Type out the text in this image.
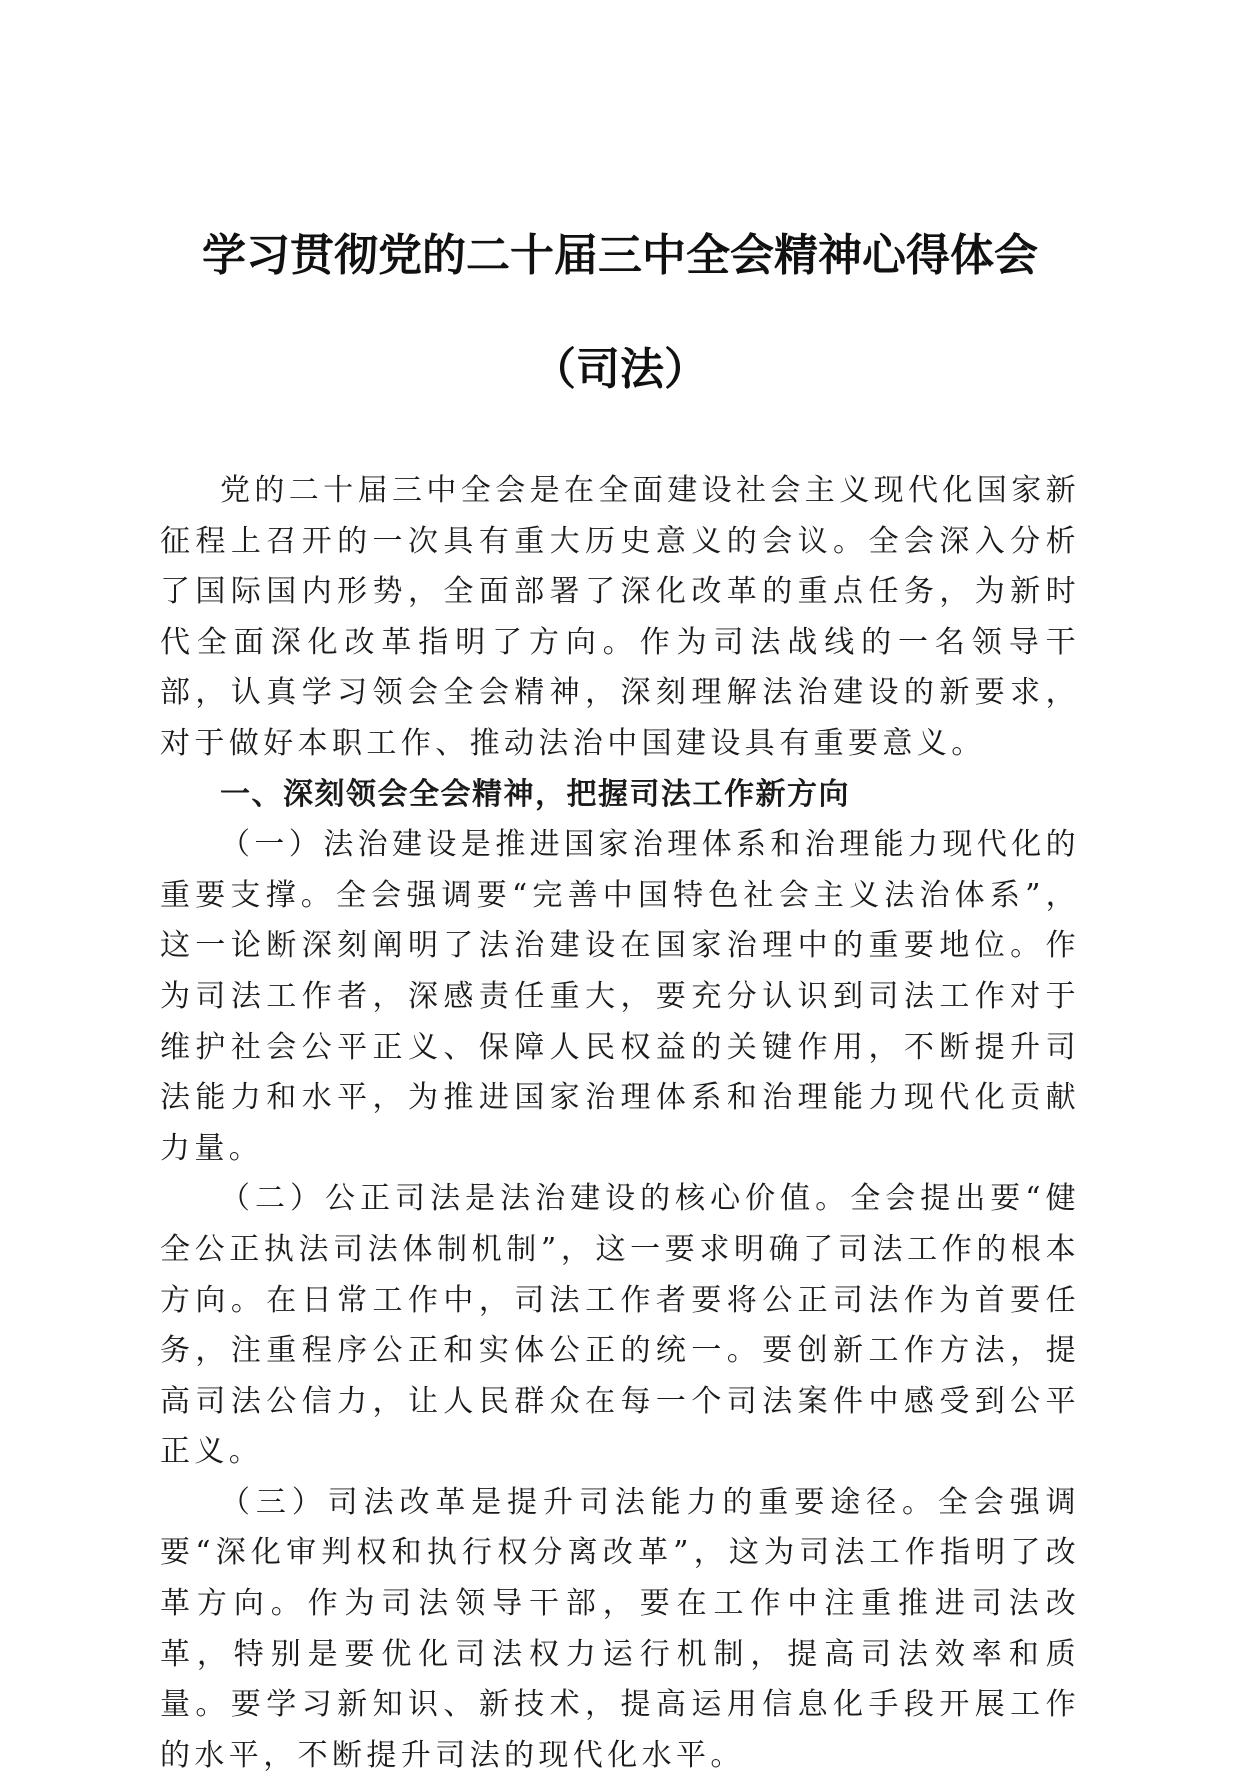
学习贯彻党的二十届三中全会精神心得体会
（司法）

党的二十届三中全会是在全面建设社会主义现代化国家新征程上召开的一次具有重大历史意义的会议。全会深入分析了国际国内形势，全面部署了深化改革的重点任务，为新时代全面深化改革指明了方向。作为司法战线的一名领导干部，认真学习领会全会精神，深刻理解法治建设的新要求，对于做好本职工作、推动法治中国建设具有重要意义。

一、深刻领会全会精神，把握司法工作新方向

（一）法治建设是推进国家治理体系和治理能力现代化的重要支撑。全会强调要“完善中国特色社会主义法治体系”，这一论断深刻阐明了法治建设在国家治理中的重要地位。作为司法工作者，深感责任重大，要充分认识到司法工作对于维护社会公平正义、保障人民权益的关键作用，不断提升司法能力和水平，为推进国家治理体系和治理能力现代化贡献力量。

（二）公正司法是法治建设的核心价值。全会提出要“健全公正执法司法体制机制”，这一要求明确了司法工作的根本方向。在日常工作中，司法工作者要将公正司法作为首要任务，注重程序公正和实体公正的统一。要创新工作方法，提高司法公信力，让人民群众在每一个司法案件中感受到公平正义。

（三）司法改革是提升司法能力的重要途径。全会强调要“深化审判权和执行权分离改革”，这为司法工作指明了改革方向。作为司法领导干部，要在工作中注重推进司法改革，特别是要优化司法权力运行机制，提高司法效率和质量。要学习新知识、新技术，提高运用信息化手段开展工作的水平，不断提升司法的现代化水平。
